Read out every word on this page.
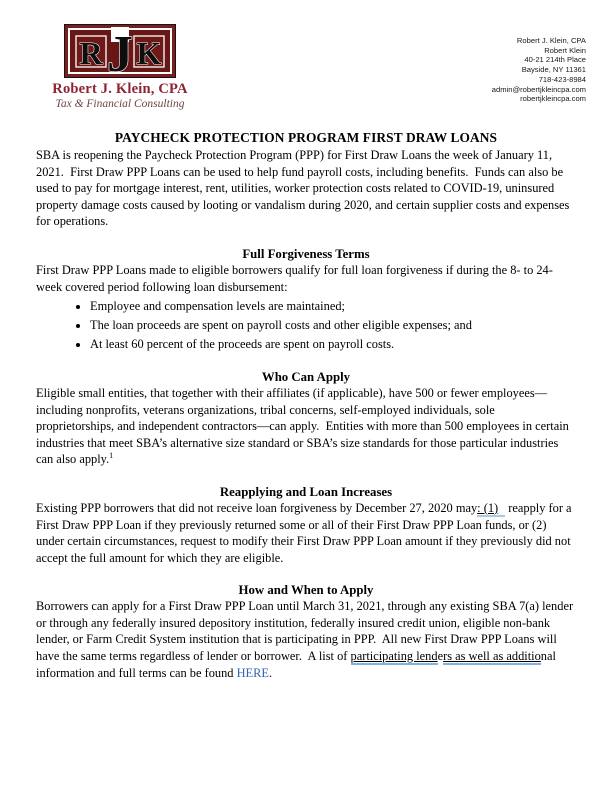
R K
J
Robert J. Klein, CPA
Tax & Financial Consulting
Robert J. Klein, CPA
Robert Klein
40-21 214th Place
Bayside, NY 11361
718-423-8984
admin@robertjkleincpa.com
robertjkleincpa.com
PAYCHECK PROTECTION PROGRAM FIRST DRAW LOANS

SBA is reopening the Paycheck Protection Program (PPP) for First Draw Loans the week of January 11, 2021.  First Draw PPP Loans can be used to help fund payroll costs, including benefits.  Funds can also be used to pay for mortgage interest, rent, utilities, worker protection costs related to COVID-19, uninsured property damage costs caused by looting or vandalism during 2020, and certain supplier costs and expenses for operations.

Full Forgiveness Terms

First Draw PPP Loans made to eligible borrowers qualify for full loan forgiveness if during the 8- to 24-week covered period following loan disbursement:

• Employee and compensation levels are maintained;
• The loan proceeds are spent on payroll costs and other eligible expenses; and
• At least 60 percent of the proceeds are spent on payroll costs.
Who Can Apply

Eligible small entities, that together with their affiliates (if applicable), have 500 or fewer employees—including nonprofits, veterans organizations, tribal concerns, self-employed individuals, sole proprietorships, and independent contractors—can apply.  Entities with more than 500 employees in certain industries that meet SBA’s alternative size standard or SBA’s size standards for those particular industries can also apply.$^1$

Reapplying and Loan Increases

Existing PPP borrowers that did not receive loan forgiveness by December 27, 2020 may: (1) reapply for a First Draw PPP Loan if they previously returned some or all of their First Draw PPP Loan funds, or (2) under certain circumstances, request to modify their First Draw PPP Loan amount if they previously did not accept the full amount for which they are eligible.

How and When to Apply

Borrowers can apply for a First Draw PPP Loan until March 31, 2021, through any existing SBA 7(a) lender or through any federally insured depository institution, federally insured credit union, eligible non-bank lender, or Farm Credit System institution that is participating in PPP.  All new First Draw PPP Loans will have the same terms regardless of lender or borrower.  A list of participating lenders as well as additional information and full terms can be found HERE.
